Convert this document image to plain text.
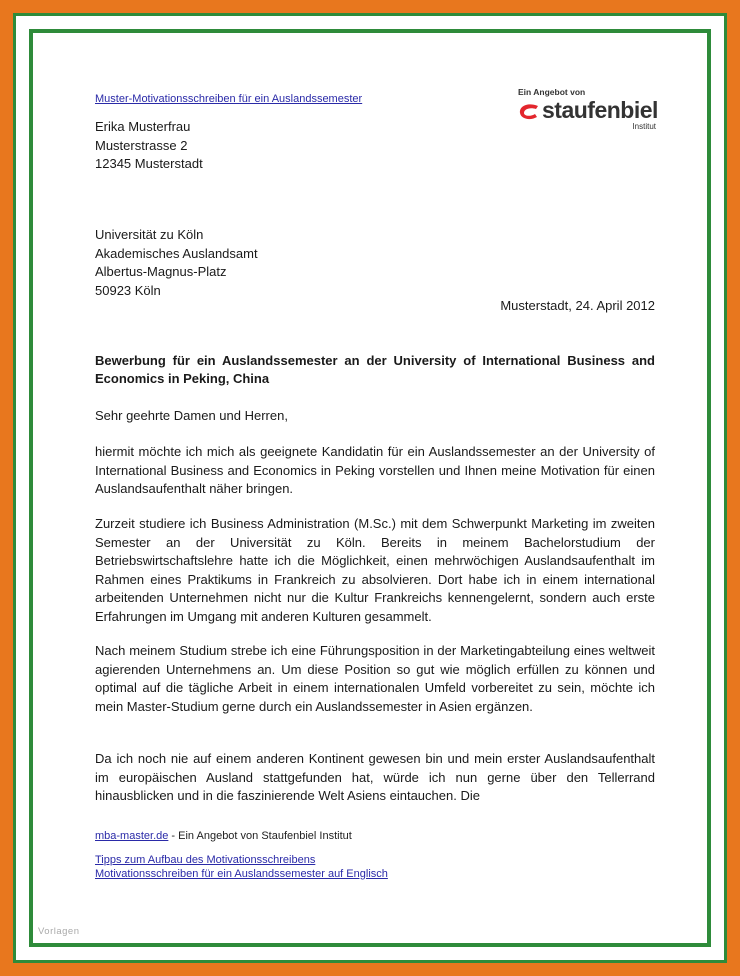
Muster-Motivationsschreiben für ein Auslandssemester
Ein Angebot von
staufenbiel
Institut
Erika Musterfrau
Musterstrasse 2
12345 Musterstadt
Universität zu Köln
Akademisches Auslandsamt
Albertus-Magnus-Platz
50923 Köln
Musterstadt, 24. April 2012
Bewerbung für ein Auslandssemester an der University of International Business and Economics in Peking, China
Sehr geehrte Damen und Herren,
hiermit möchte ich mich als geeignete Kandidatin für ein Auslandssemester an der University of International Business and Economics in Peking vorstellen und Ihnen meine Motivation für einen Auslandsaufenthalt näher bringen.
Zurzeit studiere ich Business Administration (M.Sc.) mit dem Schwerpunkt Marketing im zweiten Semester an der Universität zu Köln. Bereits in meinem Bachelorstudium der Betriebswirtschaftslehre hatte ich die Möglichkeit, einen mehrwöchigen Auslandsaufenthalt im Rahmen eines Praktikums in Frankreich zu absolvieren. Dort habe ich in einem international arbeitenden Unternehmen nicht nur die Kultur Frankreichs kennengelernt, sondern auch erste Erfahrungen im Umgang mit anderen Kulturen gesammelt.
Nach meinem Studium strebe ich eine Führungsposition in der Marketingabteilung eines weltweit agierenden Unternehmens an. Um diese Position so gut wie möglich erfüllen zu können und optimal auf die tägliche Arbeit in einem internationalen Umfeld vorbereitet zu sein, möchte ich mein Master-Studium gerne durch ein Auslandssemester in Asien ergänzen.
Da ich noch nie auf einem anderen Kontinent gewesen bin und mein erster Auslandsaufenthalt im europäischen Ausland stattgefunden hat, würde ich nun gerne über den Tellerrand hinausblicken und in die faszinierende Welt Asiens eintauchen. Die
mba-master.de - Ein Angebot von Staufenbiel Institut
Tipps zum Aufbau des Motivationsschreibens
Motivationsschreiben für ein Auslandssemester auf Englisch
Vorlagen
